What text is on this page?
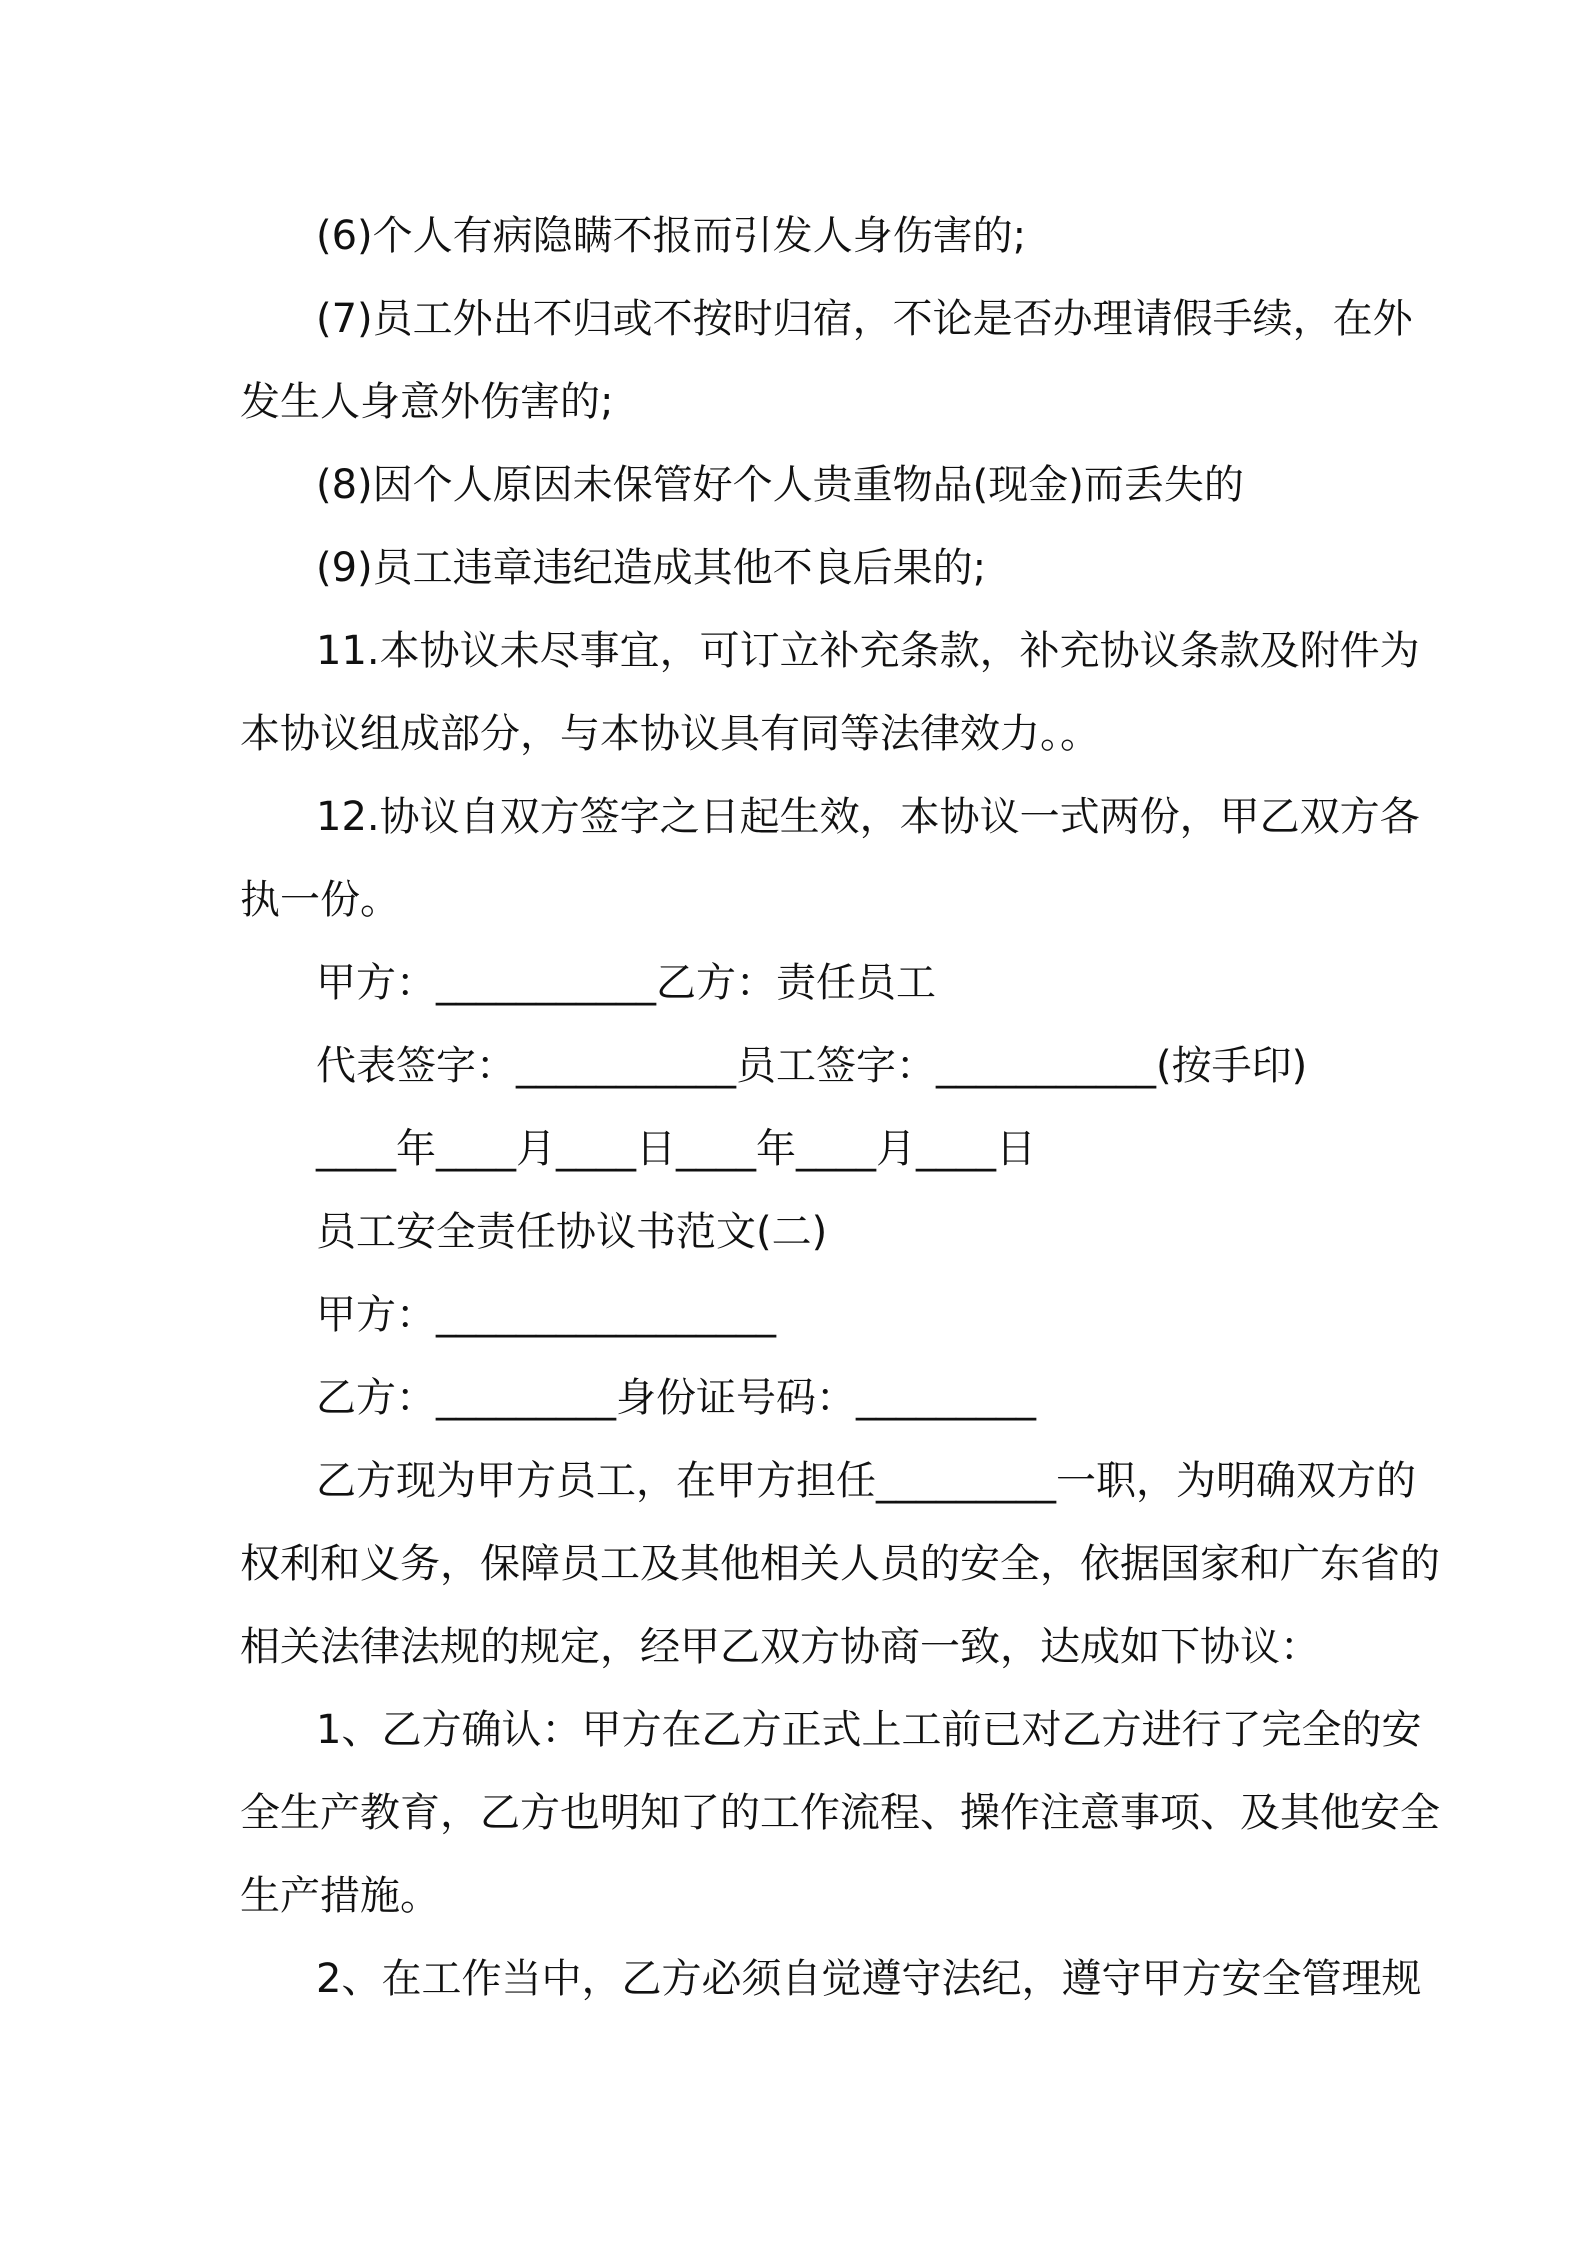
(6)个人有病隐瞒不报而引发人身伤害的;

(7)员工外出不归或不按时归宿，不论是否办理请假手续，在外

发生人身意外伤害的;

(8)因个人原因未保管好个人贵重物品(现金)而丢失的

(9)员工违章违纪造成其他不良后果的;

11.本协议未尽事宜，可订立补充条款，补充协议条款及附件为

本协议组成部分，与本协议具有同等法律效力。。

12.协议自双方签字之日起生效，本协议一式两份，甲乙双方各

执一份。

甲方：___________乙方：责任员工

代表签字：___________员工签字：___________(按手印)

____年____月____日____年____月____日

员工安全责任协议书范文(二)

甲方：_________________

乙方：_________身份证号码：_________

乙方现为甲方员工，在甲方担任_________一职，为明确双方的

权利和义务，保障员工及其他相关人员的安全，依据国家和广东省的

相关法律法规的规定，经甲乙双方协商一致，达成如下协议：

1、乙方确认：甲方在乙方正式上工前已对乙方进行了完全的安

全生产教育，乙方也明知了的工作流程、操作注意事项、及其他安全

生产措施。

2、在工作当中，乙方必须自觉遵守法纪，遵守甲方安全管理规
